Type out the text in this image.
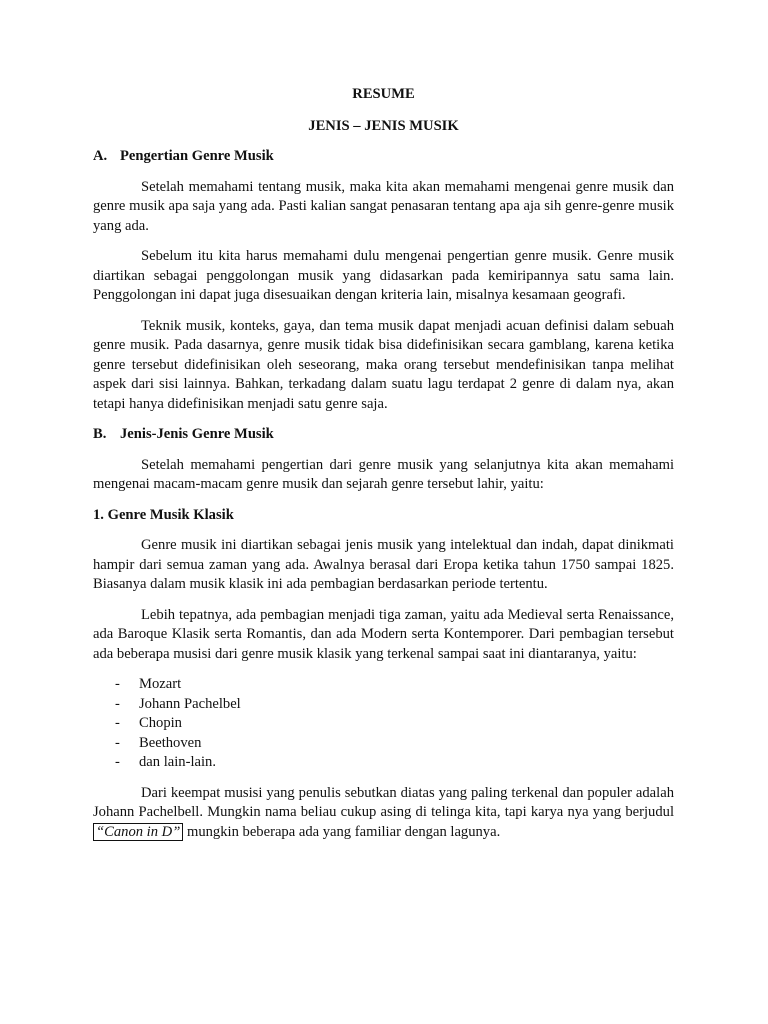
RESUME

JENIS – JENIS MUSIK

A. Pengertian Genre Musik

Setelah memahami tentang musik, maka kita akan memahami mengenai genre musik dan genre musik apa saja yang ada. Pasti kalian sangat penasaran tentang apa aja sih genre-genre musik yang ada.

Sebelum itu kita harus memahami dulu mengenai pengertian genre musik. Genre musik diartikan sebagai penggolongan musik yang didasarkan pada kemiripannya satu sama lain. Penggolongan ini dapat juga disesuaikan dengan kriteria lain, misalnya kesamaan geografi.

Teknik musik, konteks, gaya, dan tema musik dapat menjadi acuan definisi dalam sebuah genre musik. Pada dasarnya, genre musik tidak bisa didefinisikan secara gamblang, karena ketika genre tersebut didefinisikan oleh seseorang, maka orang tersebut mendefinisikan tanpa melihat aspek dari sisi lainnya. Bahkan, terkadang dalam suatu lagu terdapat 2 genre di dalam nya, akan tetapi hanya didefinisikan menjadi satu genre saja.

B. Jenis-Jenis Genre Musik

Setelah memahami pengertian dari genre musik yang selanjutnya kita akan memahami mengenai macam-macam genre musik dan sejarah genre tersebut lahir, yaitu:

1. Genre Musik Klasik

Genre musik ini diartikan sebagai jenis musik yang intelektual dan indah, dapat dinikmati hampir dari semua zaman yang ada. Awalnya berasal dari Eropa ketika tahun 1750 sampai 1825. Biasanya dalam musik klasik ini ada pembagian berdasarkan periode tertentu.

Lebih tepatnya, ada pembagian menjadi tiga zaman, yaitu ada Medieval serta Renaissance, ada Baroque Klasik serta Romantis, dan ada Modern serta Kontemporer. Dari pembagian tersebut ada beberapa musisi dari genre musik klasik yang terkenal sampai saat ini diantaranya, yaitu:

- Mozart
- Johann Pachelbel
- Chopin
- Beethoven
- dan lain-lain.

Dari keempat musisi yang penulis sebutkan diatas yang paling terkenal dan populer adalah Johann Pachelbell. Mungkin nama beliau cukup asing di telinga kita, tapi karya nya yang berjudul “Canon in D” mungkin beberapa ada yang familiar dengan lagunya.
